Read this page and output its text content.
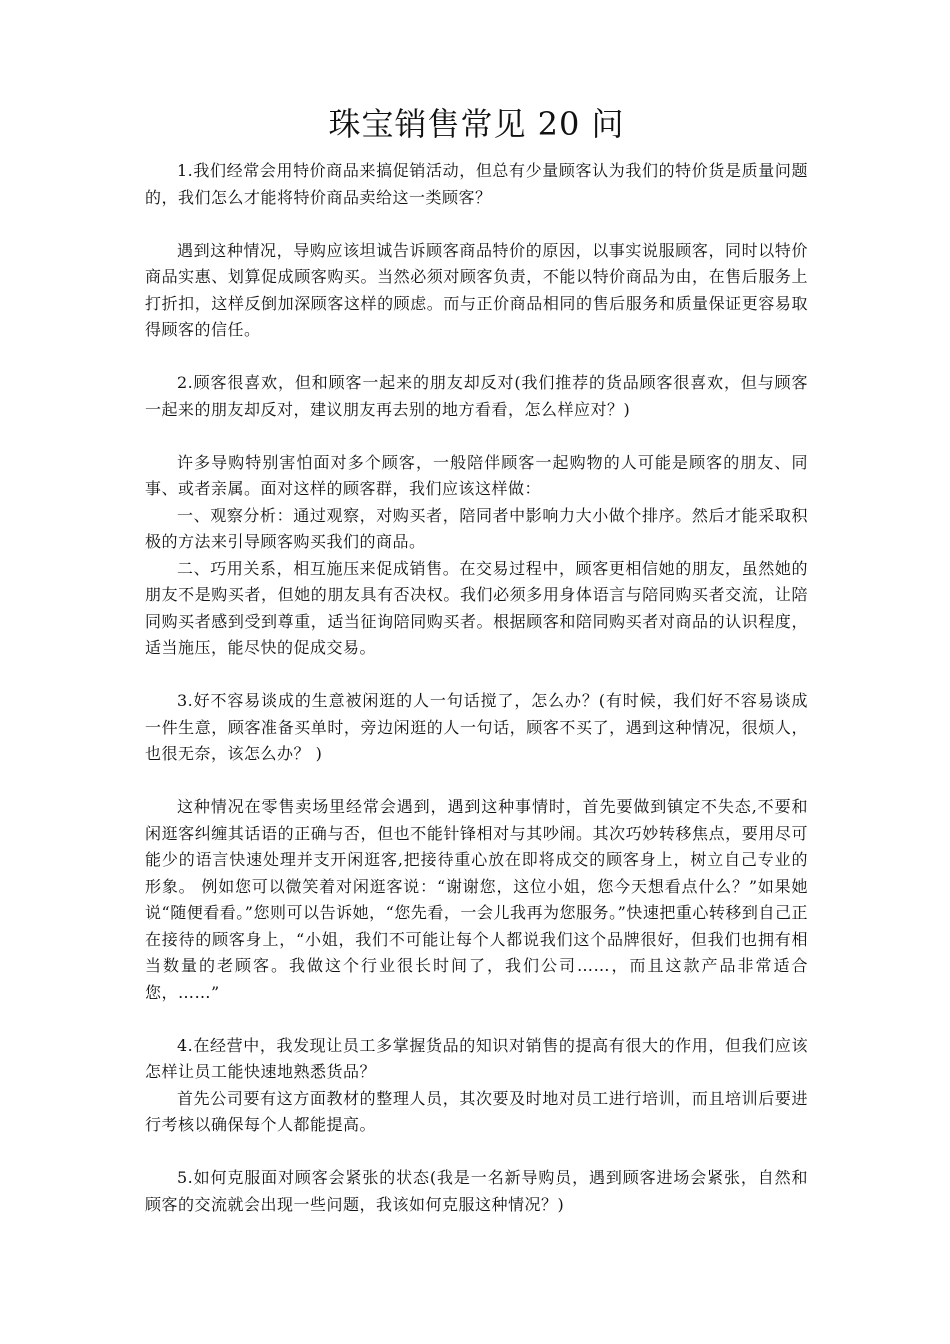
珠宝销售常见 20 问

1.我们经常会用特价商品来搞促销活动，但总有少量顾客认为我们的特价货是质量问题的，我们怎么才能将特价商品卖给这一类顾客？

遇到这种情况，导购应该坦诚告诉顾客商品特价的原因，以事实说服顾客，同时以特价商品实惠、划算促成顾客购买。当然必须对顾客负责，不能以特价商品为由，在售后服务上打折扣，这样反倒加深顾客这样的顾虑。而与正价商品相同的售后服务和质量保证更容易取得顾客的信任。

2.顾客很喜欢，但和顾客一起来的朋友却反对(我们推荐的货品顾客很喜欢，但与顾客一起来的朋友却反对，建议朋友再去别的地方看看，怎么样应对？)

许多导购特别害怕面对多个顾客，一般陪伴顾客一起购物的人可能是顾客的朋友、同事、或者亲属。面对这样的顾客群，我们应该这样做：

一、观察分析：通过观察，对购买者，陪同者中影响力大小做个排序。然后才能采取积极的方法来引导顾客购买我们的商品。

二、巧用关系，相互施压来促成销售。在交易过程中，顾客更相信她的朋友，虽然她的朋友不是购买者，但她的朋友具有否决权。我们必须多用身体语言与陪同购买者交流，让陪同购买者感到受到尊重，适当征询陪同购买者。根据顾客和陪同购买者对商品的认识程度，适当施压，能尽快的促成交易。

3.好不容易谈成的生意被闲逛的人一句话搅了，怎么办？(有时候，我们好不容易谈成一件生意，顾客准备买单时，旁边闲逛的人一句话，顾客不买了，遇到这种情况，很烦人，也很无奈，该怎么办？ )

这种情况在零售卖场里经常会遇到，遇到这种事情时，首先要做到镇定不失态,不要和闲逛客纠缠其话语的正确与否，但也不能针锋相对与其吵闹。其次巧妙转移焦点，要用尽可能少的语言快速处理并支开闲逛客,把接待重心放在即将成交的顾客身上，树立自己专业的形象。 例如您可以微笑着对闲逛客说：“谢谢您，这位小姐，您今天想看点什么？”如果她说“随便看看。”您则可以告诉她，“您先看，一会儿我再为您服务。”快速把重心转移到自己正在接待的顾客身上，“小姐，我们不可能让每个人都说我们这个品牌很好，但我们也拥有相当数量的老顾客。我做这个行业很长时间了，我们公司……，而且这款产品非常适合您，……”

4.在经营中，我发现让员工多掌握货品的知识对销售的提高有很大的作用，但我们应该怎样让员工能快速地熟悉货品？

首先公司要有这方面教材的整理人员，其次要及时地对员工进行培训，而且培训后要进行考核以确保每个人都能提高。

5.如何克服面对顾客会紧张的状态(我是一名新导购员，遇到顾客进场会紧张，自然和顾客的交流就会出现一些问题，我该如何克服这种情况？)
